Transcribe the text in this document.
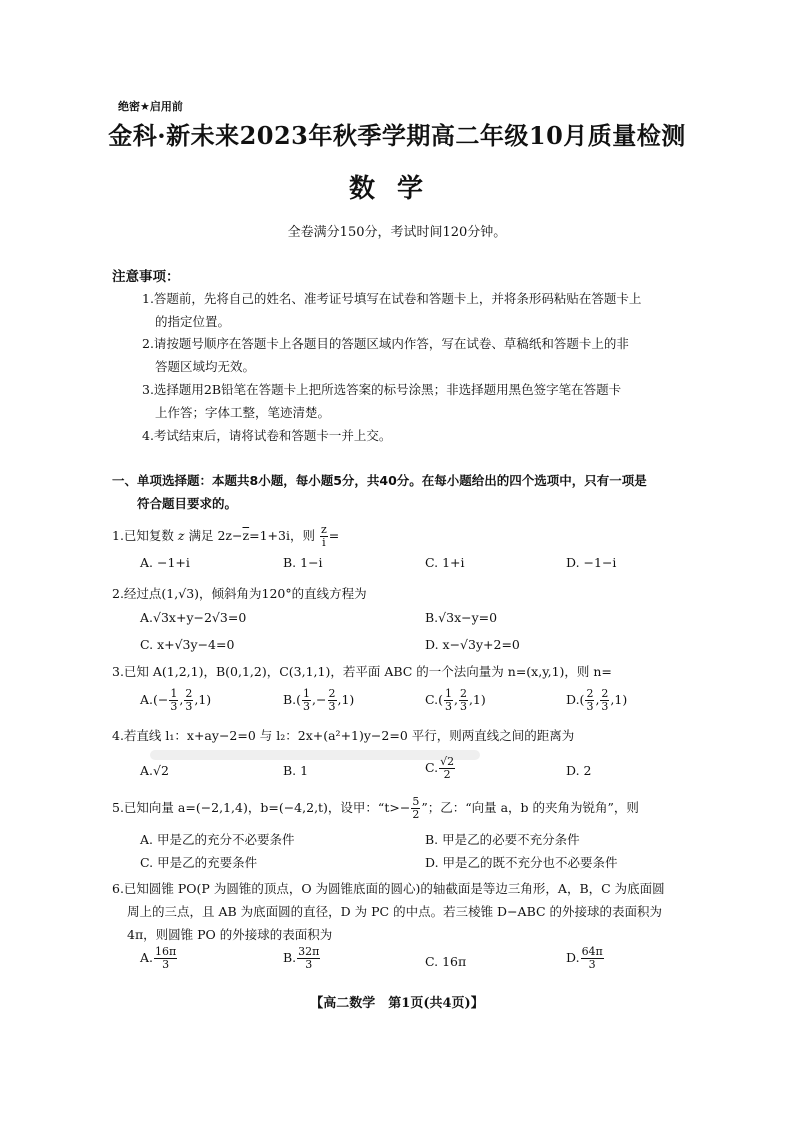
绝密★启用前
金科·新未来2023年秋季学期高二年级10月质量检测
数学
全卷满分150分，考试时间120分钟。
注意事项：
1.答题前，先将自己的姓名、准考证号填写在试卷和答题卡上，并将条形码粘贴在答题卡上
的指定位置。
2.请按题号顺序在答题卡上各题目的答题区域内作答，写在试卷、草稿纸和答题卡上的非
答题区域均无效。
3.选择题用2B铅笔在答题卡上把所选答案的标号涂黑；非选择题用黑色签字笔在答题卡
上作答；字体工整，笔迹清楚。
4.考试结束后，请将试卷和答题卡一并上交。
一、单项选择题：本题共8小题，每小题5分，共40分。在每小题给出的四个选项中，只有一项是
符合题目要求的。
1.已知复数 z 满足 $2z-\overline{z}=1+3i$，则 $\frac{z}{i}$ =
A. −1+i	B. 1−i	C. 1+i	D. −1−i
2.经过点(1,√3)，倾斜角为120°的直线方程为
A.√3x+y−2√3=0	B.√3x−y=0
C. x+√3y−4=0	D. x−√3y+2=0
3.已知 A(1,2,1)，B(0,1,2)，C(3,1,1)，若平面 ABC 的一个法向量为 n=(x,y,1)，则 n=
$A.(- \frac{1}{3}$ , $\frac{2}{3} ,1$)	$B.( \frac{1}{3}$ ,− $\frac{2}{3} ,1$)	$C.( \frac{1}{3}$ , $\frac{2}{3} ,1$)	$D.( \frac{2}{3}$ , $\frac{2}{3} ,1$)
4.若直线 l₁：x+ay−2=0 与 l₂：2x+(a²+1)y−2=0 平行，则两直线之间的距离为
A.√2	B. 1	C. $\frac{√2}{2}$	D. 2
5.已知向量 a=(−2,1,4)，b=(−4,2,t)，设甲：“$t>- \frac{5}{2}$ ”；乙：“向量 a，b 的夹角为锐角”，则
A. 甲是乙的充分不必要条件	B. 甲是乙的必要不充分条件
C. 甲是乙的充要条件	D. 甲是乙的既不充分也不必要条件
6.已知圆锥 PO(P 为圆锥的顶点，O 为圆锥底面的圆心)的轴截面是等边三角形，A，B，C 为底面圆
周上的三点，且 AB 为底面圆的直径，D 为 PC 的中点。若三棱锥 D−ABC 的外接球的表面积为
4π，则圆锥 PO 的外接球的表面积为
A. $\frac{16\pi}{3}$	B. $\frac{32\pi}{3}$	C. 16π	D. $\frac{64\pi}{3}$
【高二数学　第1页(共4页)】
